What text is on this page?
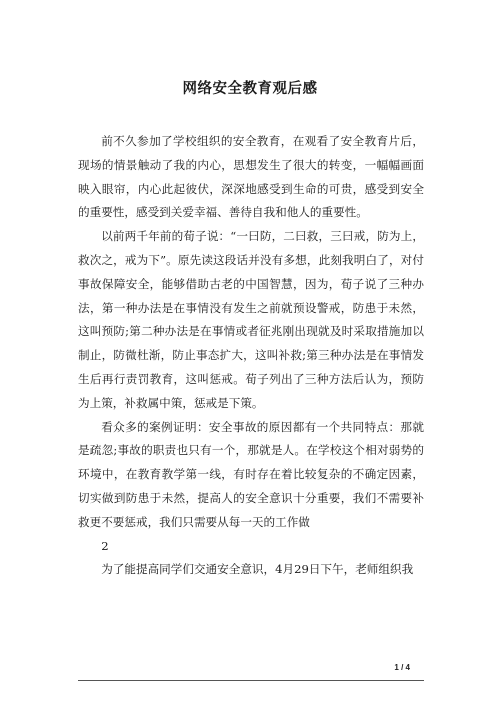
网络安全教育观后感

前不久参加了学校组织的安全教育，在观看了安全教育片后，现场的情景触动了我的内心，思想发生了很大的转变，一幅幅画面映入眼帘，内心此起彼伏，深深地感受到生命的可贵，感受到安全的重要性，感受到关爱幸福、善待自我和他人的重要性。

以前两千年前的荀子说：“一曰防，二曰救，三曰戒，防为上，救次之，戒为下”。原先读这段话并没有多想，此刻我明白了，对付事故保障安全，能够借助古老的中国智慧，因为，荀子说了三种办法，第一种办法是在事情没有发生之前就预设警戒，防患于未然，这叫预防;第二种办法是在事情或者征兆刚出现就及时采取措施加以制止，防微杜渐，防止事态扩大，这叫补救;第三种办法是在事情发生后再行责罚教育，这叫惩戒。荀子列出了三种方法后认为，预防为上策，补救属中策，惩戒是下策。

看众多的案例证明：安全事故的原因都有一个共同特点：那就是疏忽;事故的职责也只有一个，那就是人。在学校这个相对弱势的环境中，在教育教学第一线，有时存在着比较复杂的不确定因素，切实做到防患于未然，提高人的安全意识十分重要，我们不需要补救更不要惩戒，我们只需要从每一天的工作做

2

为了能提高同学们交通安全意识，4月29日下午，老师组织我

1 / 4
